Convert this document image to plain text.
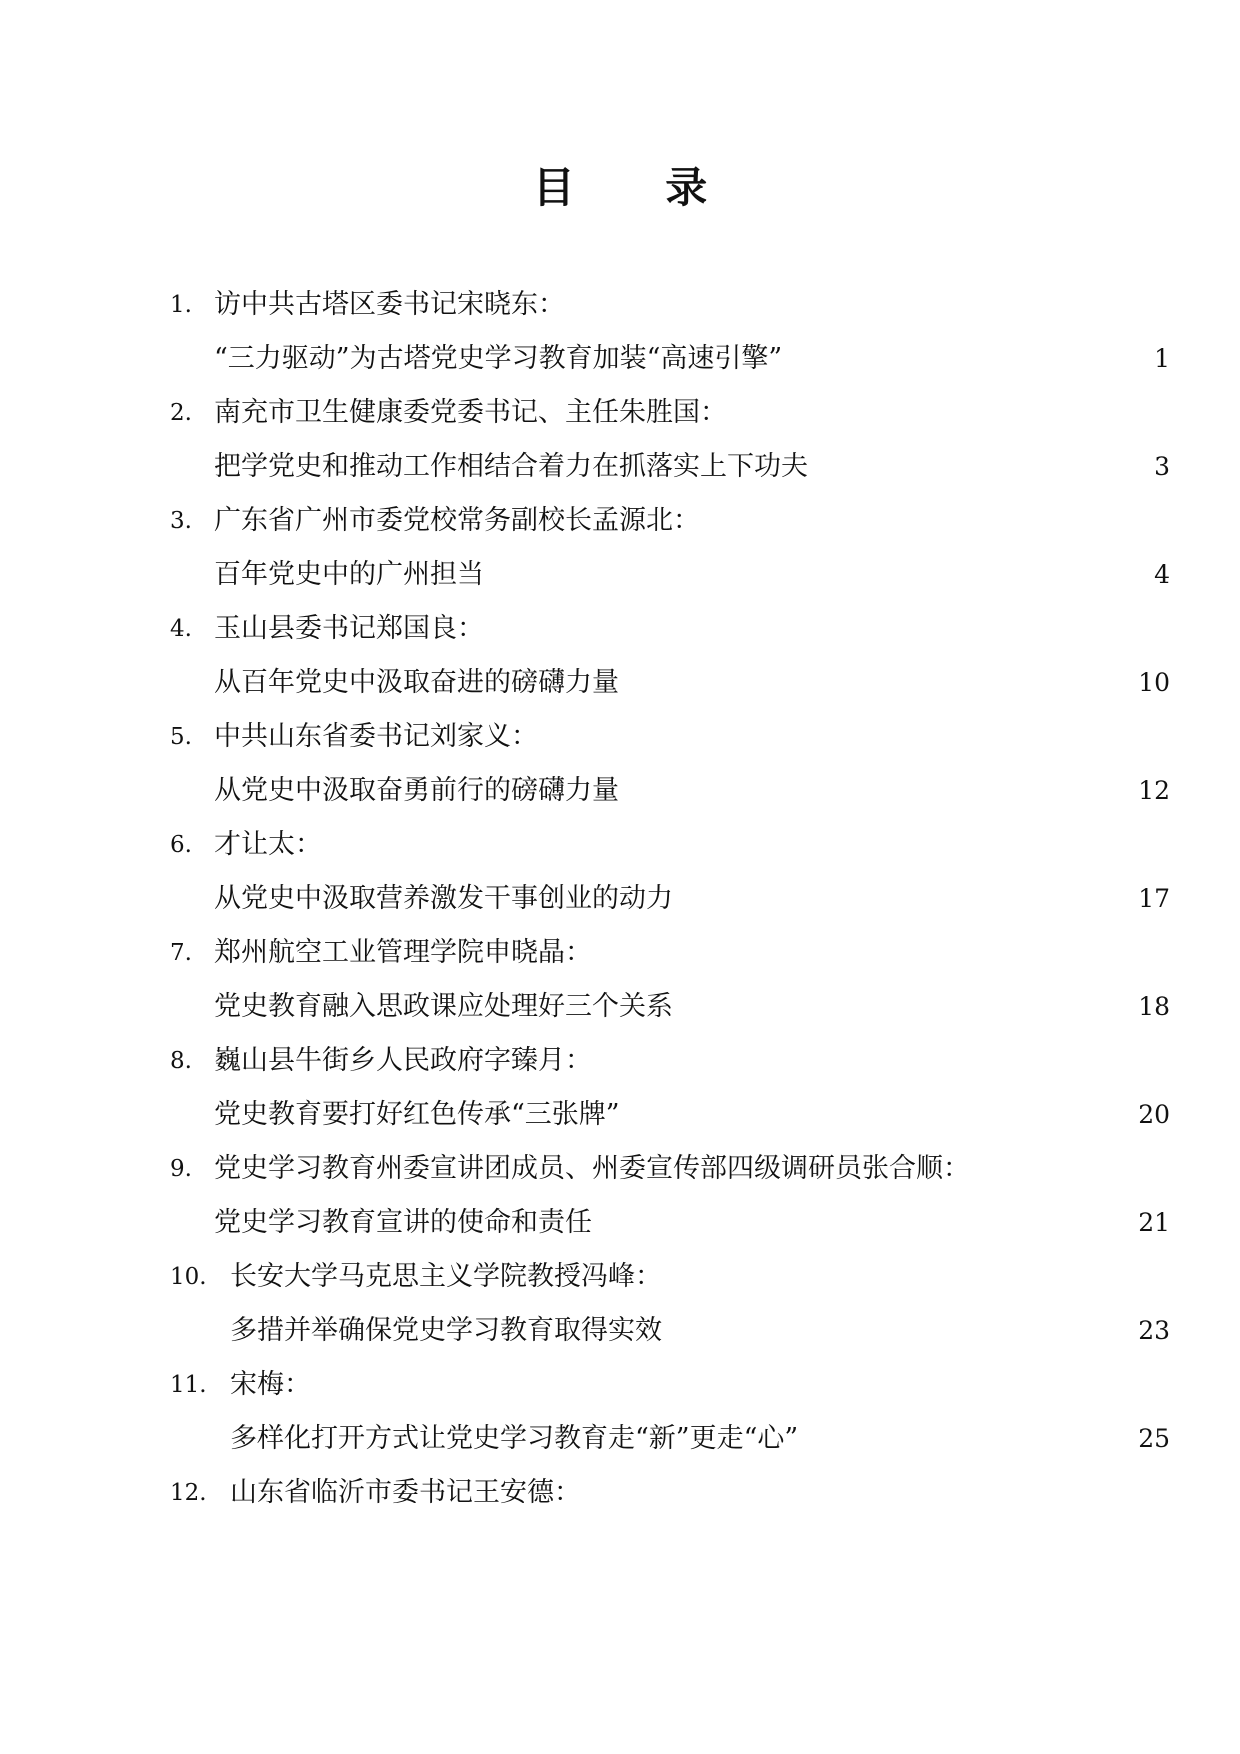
目 录
1. 访中共古塔区委书记宋晓东：
“三力驱动”为古塔党史学习教育加装“高速引擎”	1
2. 南充市卫生健康委党委书记、主任朱胜国：
把学党史和推动工作相结合着力在抓落实上下功夫	3
3. 广东省广州市委党校常务副校长孟源北：
百年党史中的广州担当	4
4. 玉山县委书记郑国良：
从百年党史中汲取奋进的磅礴力量	10
5. 中共山东省委书记刘家义：
从党史中汲取奋勇前行的磅礴力量	12
6. 才让太：
从党史中汲取营养激发干事创业的动力	17
7. 郑州航空工业管理学院申晓晶：
党史教育融入思政课应处理好三个关系	18
8. 巍山县牛街乡人民政府字臻月：
党史教育要打好红色传承“三张牌”	20
9. 党史学习教育州委宣讲团成员、州委宣传部四级调研员张合顺：
党史学习教育宣讲的使命和责任	21
10. 长安大学马克思主义学院教授冯峰：
多措并举确保党史学习教育取得实效	23
11. 宋梅：
多样化打开方式让党史学习教育走“新”更走“心”	25
12. 山东省临沂市委书记王安德：
